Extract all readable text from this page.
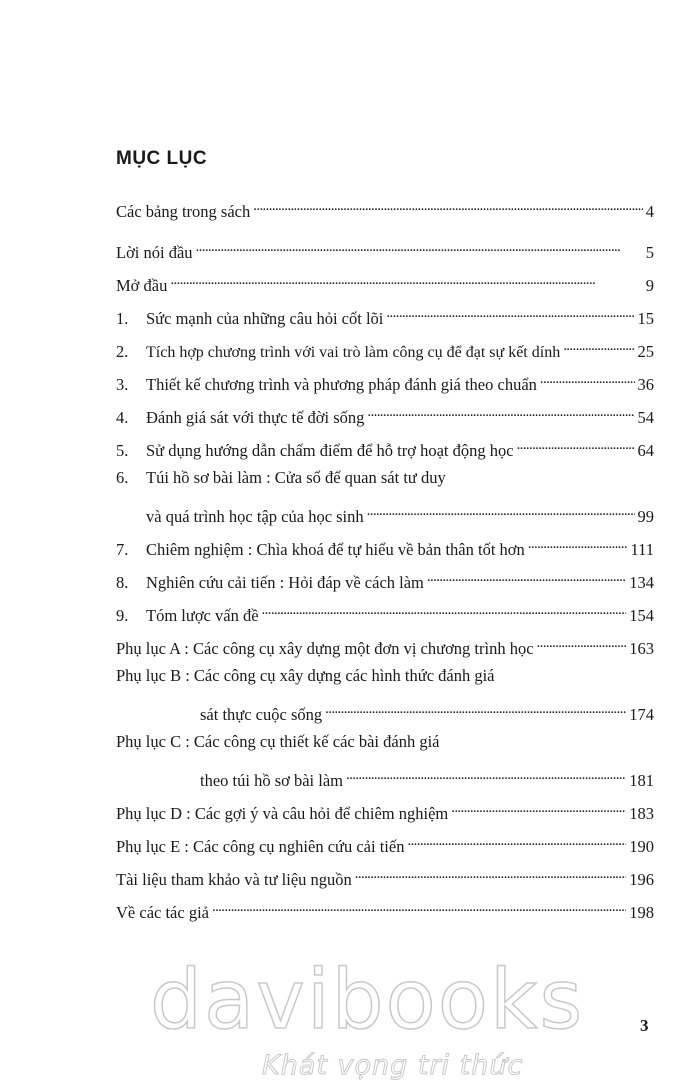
MỤC LỤC
Các bảng trong sách . . .	4
Lời nói đầu . . .	5
Mở đầu . . .	9
1.	Sức mạnh của những câu hỏi cốt lõi . . .	15
2.	Tích hợp chương trình với vai trò làm công cụ để đạt sự kết dính . . .	25
3.	Thiết kế chương trình và phương pháp đánh giá theo chuẩn . . .	36
4.	Đánh giá sát với thực tế đời sống . . .	54
5.	Sử dụng hướng dẫn chấm điểm để hỗ trợ hoạt động học . . .	64
6. Túi hồ sơ bài làm : Cửa sổ để quan sát tư duy
và quá trình học tập của học sinh . . .	99
7.	Chiêm nghiệm : Chìa khoá để tự hiểu về bản thân tốt hơn . . .	111
8.	Nghiên cứu cải tiến : Hỏi đáp về cách làm . . .	134
9.	Tóm lược vấn đề . . .	154
Phụ lục A : Các công cụ xây dựng một đơn vị chương trình học . . .	163
Phụ lục B : Các công cụ xây dựng các hình thức đánh giá
sát thực cuộc sống . . .	174
Phụ lục C : Các công cụ thiết kế các bài đánh giá
theo túi hồ sơ bài làm . . .	181
Phụ lục D : Các gợi ý và câu hỏi để chiêm nghiệm . . .	183
Phụ lục E : Các công cụ nghiên cứu cải tiến . . .	190
Tài liệu tham khảo và tư liệu nguồn . . .	196
Về các tác giả . . .	198
davibooks	3
Khát vọng tri thức
